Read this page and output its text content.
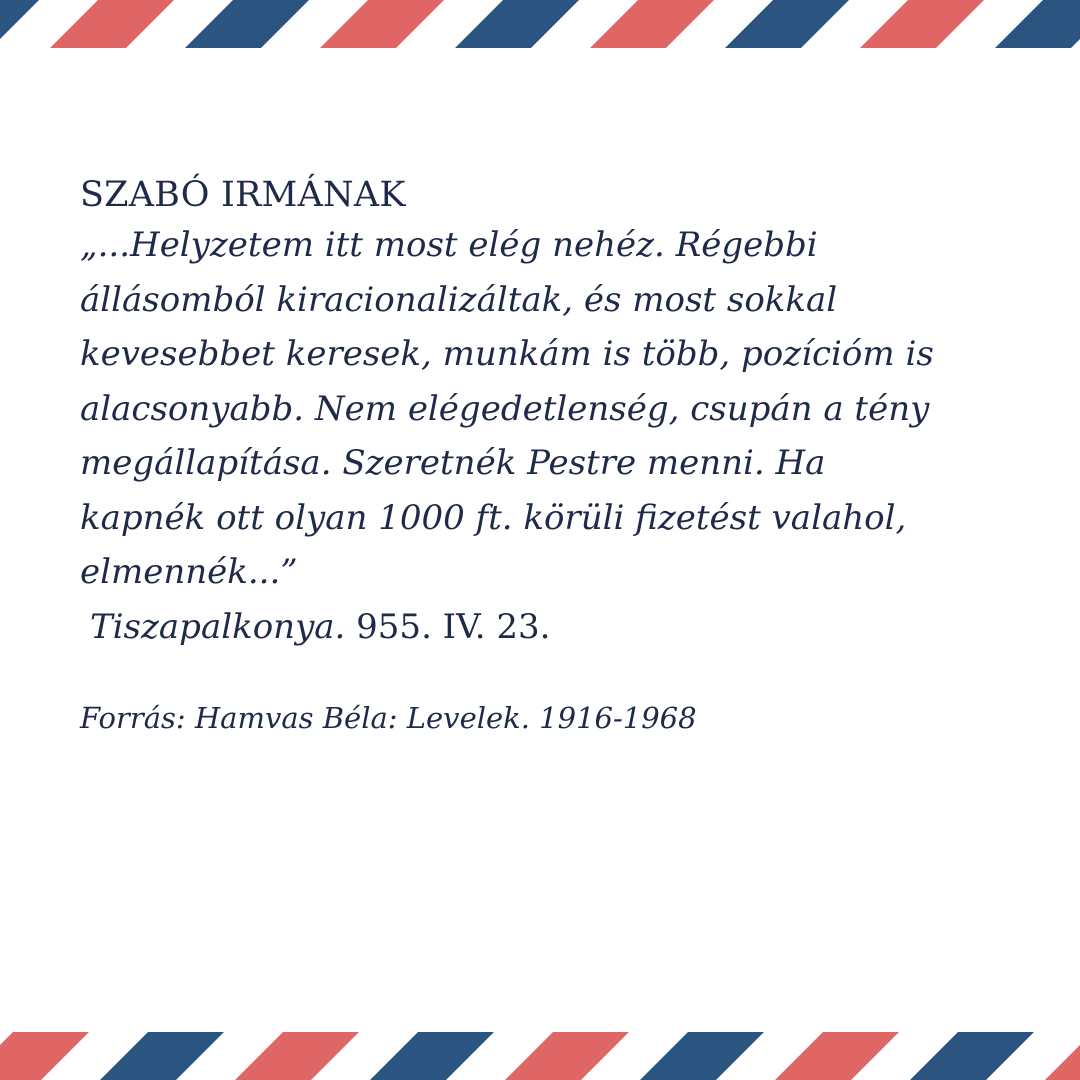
SZABÓ IRMÁNAK

„...Helyzetem itt most elég nehéz. Régebbi
állásomból kiracionalizáltak, és most sokkal
kevesebbet keresek, munkám is több, pozícióm is
alacsonyabb. Nem elégedetlenség, csupán a tény
megállapítása. Szeretnék Pestre menni. Ha
kapnék ott olyan 1000 ft. körüli fizetést valahol,
elmennék...”

Tiszapalkonya. 955. IV. 23.

Forrás: Hamvas Béla: Levelek. 1916-1968
